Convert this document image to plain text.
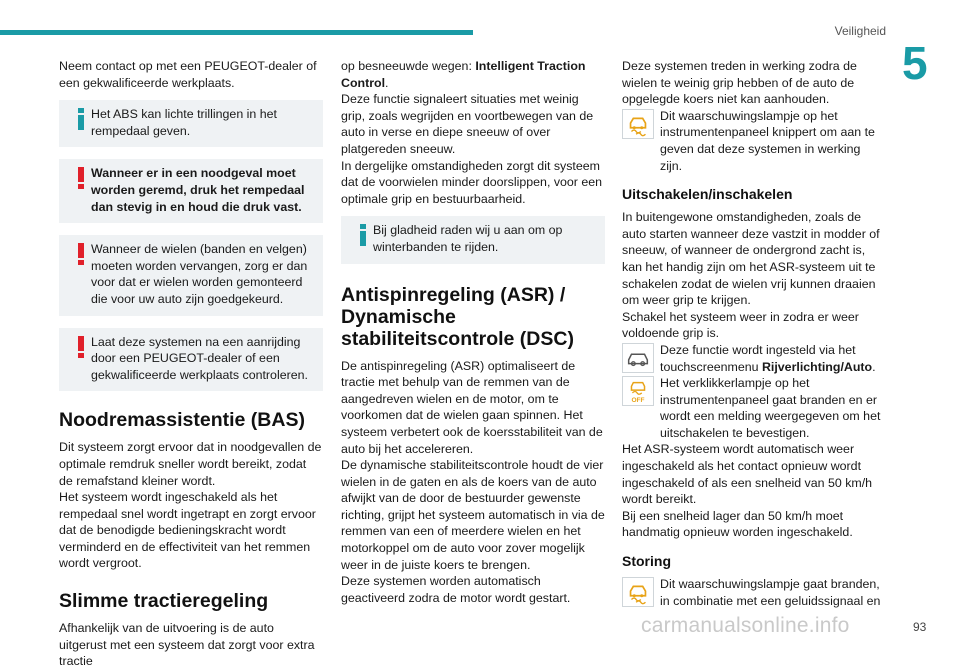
Veiligheid
5

Neem contact op met een PEUGEOT-dealer of een gekwalificeerde werkplaats.

Het ABS kan lichte trillingen in het rempedaal geven.
Wanneer er in een noodgeval moet worden geremd, druk het rempedaal dan stevig in en houd die druk vast.
Wanneer de wielen (banden en velgen) moeten worden vervangen, zorg er dan voor dat er wielen worden gemonteerd die voor uw auto zijn goedgekeurd.
Laat deze systemen na een aanrijding door een PEUGEOT-dealer of een gekwalificeerde werkplaats controleren.
Noodremassistentie (BAS)

Dit systeem zorgt ervoor dat in noodgevallen de optimale remdruk sneller wordt bereikt, zodat de remafstand kleiner wordt.

Het systeem wordt ingeschakeld als het rempedaal snel wordt ingetrapt en zorgt ervoor dat de benodigde bedieningskracht wordt verminderd en de effectiviteit van het remmen wordt vergroot.

Slimme tractieregeling

Afhankelijk van de uitvoering is de auto uitgerust met een systeem dat zorgt voor extra tractie

op besneeuwde wegen: Intelligent Traction Control.

Deze functie signaleert situaties met weinig grip, zoals wegrijden en voortbewegen van de auto in verse en diepe sneeuw of over platgereden sneeuw.

In dergelijke omstandigheden zorgt dit systeem dat de voorwielen minder doorslippen, voor een optimale grip en bestuurbaarheid.

Bij gladheid raden wij u aan om op winterbanden te rijden.
Antispinregeling (ASR) / Dynamische stabiliteitscontrole (DSC)

De antispinregeling (ASR) optimaliseert de tractie met behulp van de remmen van de aangedreven wielen en de motor, om te voorkomen dat de wielen gaan spinnen. Het systeem verbetert ook de koersstabiliteit van de auto bij het accelereren.

De dynamische stabiliteitscontrole houdt de vier wielen in de gaten en als de koers van de auto afwijkt van de door de bestuurder gewenste richting, grijpt het systeem automatisch in via de remmen van een of meerdere wielen en het motorkoppel om de auto voor zover mogelijk weer in de juiste koers te brengen.

Deze systemen worden automatisch geactiveerd zodra de motor wordt gestart.

Deze systemen treden in werking zodra de wielen te weinig grip hebben of de auto de opgelegde koers niet kan aanhouden.

Dit waarschuwingslampje op het instrumentenpaneel knippert om aan te geven dat deze systemen in werking zijn.
Uitschakelen/inschakelen

In buitengewone omstandigheden, zoals de auto starten wanneer deze vastzit in modder of sneeuw, of wanneer de ondergrond zacht is, kan het handig zijn om het ASR-systeem uit te schakelen zodat de wielen vrij kunnen draaien om weer grip te krijgen.

Schakel het systeem weer in zodra er weer voldoende grip is.

Deze functie wordt ingesteld via het touchscreenmenu Rijverlichting/Auto.
OFF
Het verklikkerlampje op het instrumentenpaneel gaat branden en er wordt een melding weergegeven om het uitschakelen te bevestigen.

Het ASR-systeem wordt automatisch weer ingeschakeld als het contact opnieuw wordt ingeschakeld of als een snelheid van 50 km/h wordt bereikt.

Bij een snelheid lager dan 50 km/h moet handmatig opnieuw worden ingeschakeld.

Storing
Dit waarschuwingslampje gaat branden, in combinatie met een geluidssignaal en
93
carmanualsonline.info
